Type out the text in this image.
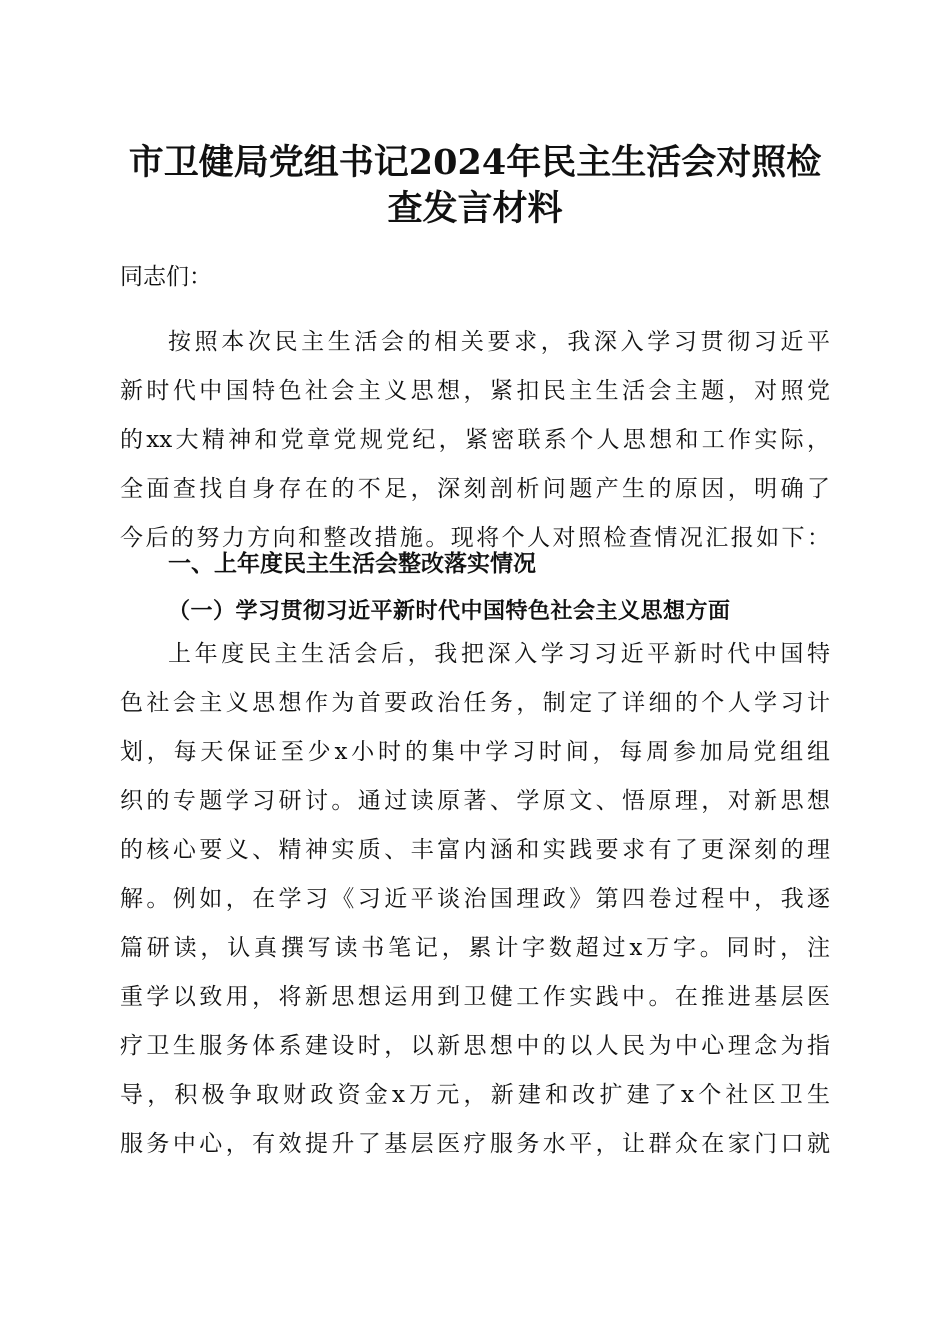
市卫健局党组书记2024年民主生活会对照检
查发言材料

同志们：

按照本次民主生活会的相关要求，我深入学习贯彻习近平
新时代中国特色社会主义思想，紧扣民主生活会主题，对照党
的xx大精神和党章党规党纪，紧密联系个人思想和工作实际，
全面查找自身存在的不足，深刻剖析问题产生的原因，明确了
今后的努力方向和整改措施。现将个人对照检查情况汇报如下：
一、上年度民主生活会整改落实情况
（一）学习贯彻习近平新时代中国特色社会主义思想方面
上年度民主生活会后，我把深入学习习近平新时代中国特
色社会主义思想作为首要政治任务，制定了详细的个人学习计
划，每天保证至少x小时的集中学习时间，每周参加局党组组
织的专题学习研讨。通过读原著、学原文、悟原理，对新思想
的核心要义、精神实质、丰富内涵和实践要求有了更深刻的理
解。例如，在学习《习近平谈治国理政》第四卷过程中，我逐
篇研读，认真撰写读书笔记，累计字数超过x万字。同时，注
重学以致用，将新思想运用到卫健工作实践中。在推进基层医
疗卫生服务体系建设时，以新思想中的以人民为中心理念为指
导，积极争取财政资金x万元，新建和改扩建了x个社区卫生
服务中心，有效提升了基层医疗服务水平，让群众在家门口就
